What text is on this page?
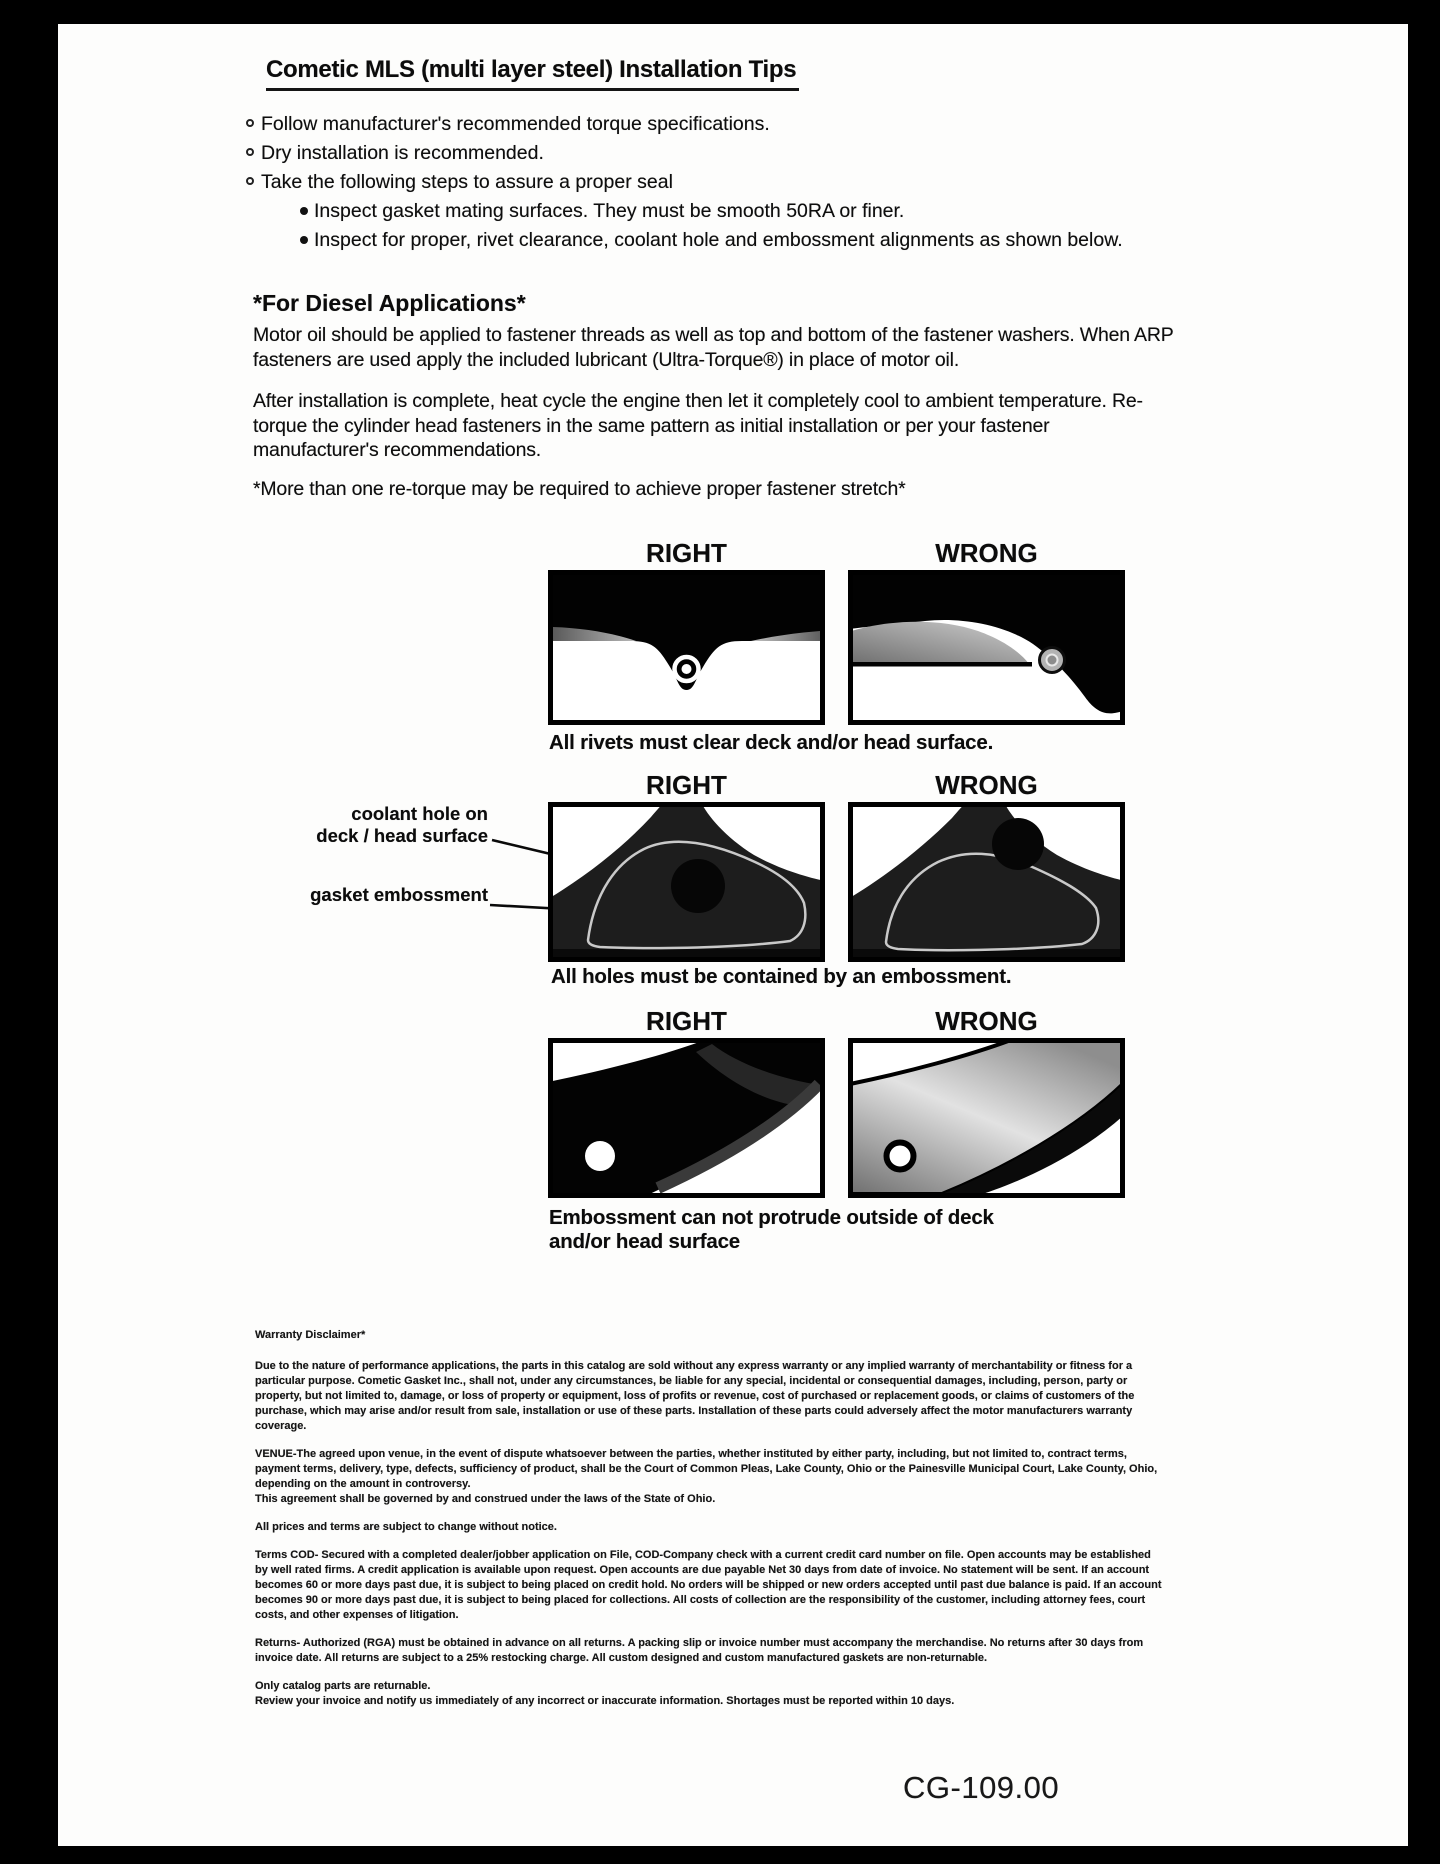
Cometic MLS (multi layer steel) Installation Tips
Follow manufacturer's recommended torque specifications.
Dry installation is recommended.
Take the following steps to assure a proper seal
Inspect gasket mating surfaces. They must be smooth 50RA or finer.
Inspect for proper, rivet clearance, coolant hole and embossment alignments as shown below.
*For Diesel Applications*
Motor oil should be applied to fastener threads as well as top and bottom of the fastener washers. When ARP fasteners are used apply the included lubricant (Ultra-Torque®) in place of motor oil.
After installation is complete, heat cycle the engine then let it completely cool to ambient temperature. Re-torque the cylinder head fasteners in the same pattern as initial installation or per your fastener manufacturer's recommendations.
*More than one re-torque may be required to achieve proper fastener stretch*
RIGHT	WRONG
All rivets must clear deck and/or head surface.
RIGHT	WRONG
coolant hole on
deck / head surface
gasket embossment
All holes must be contained by an embossment.
RIGHT	WRONG
Embossment can not protrude outside of deck
and/or head surface

Warranty Disclaimer*

Due to the nature of performance applications, the parts in this catalog are sold without any express warranty or any implied warranty of merchantability or fitness for a particular purpose. Cometic Gasket Inc., shall not, under any circumstances, be liable for any special, incidental or consequential damages, including, person, party or property, but not limited to, damage, or loss of property or equipment, loss of profits or revenue, cost of purchased or replacement goods, or claims of customers of the purchase, which may arise and/or result from sale, installation or use of these parts. Installation of these parts could adversely affect the motor manufacturers warranty coverage.

VENUE-The agreed upon venue, in the event of dispute whatsoever between the parties, whether instituted by either party, including, but not limited to, contract terms, payment terms, delivery, type, defects, sufficiency of product, shall be the Court of Common Pleas, Lake County, Ohio or the Painesville Municipal Court, Lake County, Ohio, depending on the amount in controversy.
This agreement shall be governed by and construed under the laws of the State of Ohio.

All prices and terms are subject to change without notice.

Terms COD- Secured with a completed dealer/jobber application on File, COD-Company check with a current credit card number on file. Open accounts may be established by well rated firms. A credit application is available upon request. Open accounts are due payable Net 30 days from date of invoice. No statement will be sent. If an account becomes 60 or more days past due, it is subject to being placed on credit hold. No orders will be shipped or new orders accepted until past due balance is paid. If an account becomes 90 or more days past due, it is subject to being placed for collections. All costs of collection are the responsibility of the customer, including attorney fees, court costs, and other expenses of litigation.

Returns- Authorized (RGA) must be obtained in advance on all returns. A packing slip or invoice number must accompany the merchandise. No returns after 30 days from invoice date. All returns are subject to a 25% restocking charge. All custom designed and custom manufactured gaskets are non-returnable.

Only catalog parts are returnable.
Review your invoice and notify us immediately of any incorrect or inaccurate information. Shortages must be reported within 10 days.

CG-109.00
